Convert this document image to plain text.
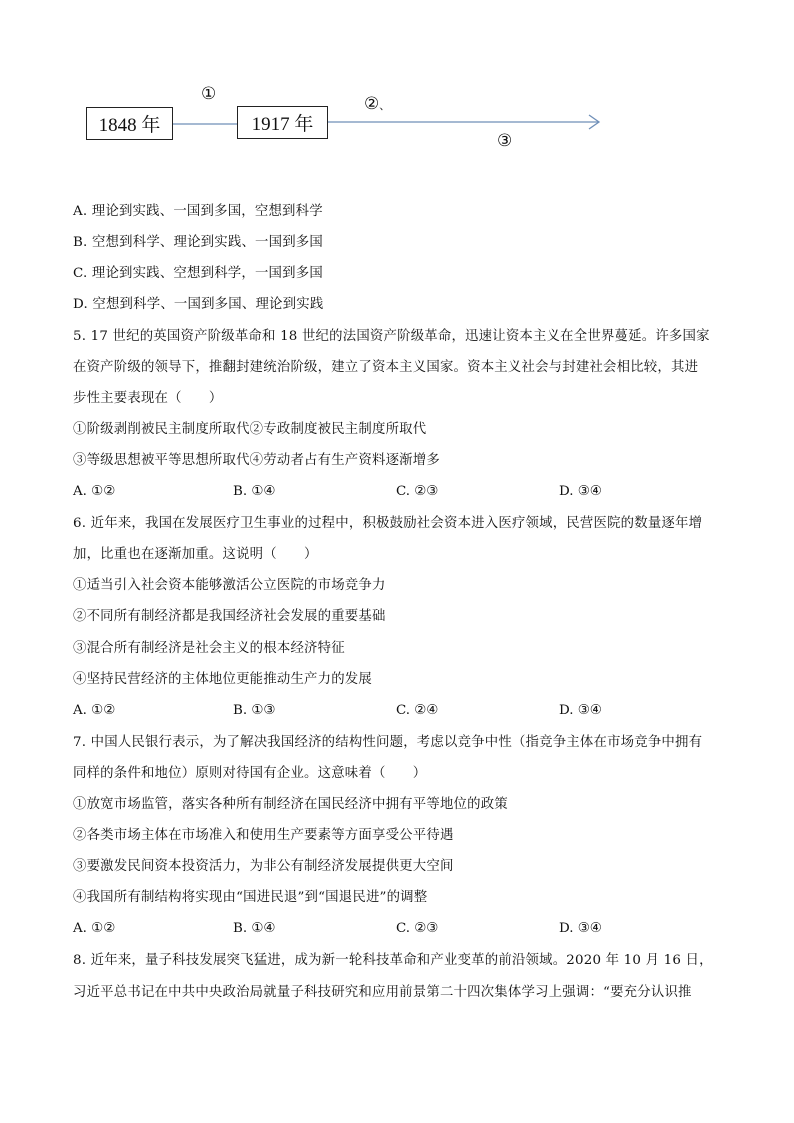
1848 年	1917 年
①	②、
③
A. 理论到实践、一国到多国，空想到科学
B. 空想到科学、理论到实践、一国到多国
C. 理论到实践、空想到科学，一国到多国
D. 空想到科学、一国到多国、理论到实践
5. 17 世纪的英国资产阶级革命和 18 世纪的法国资产阶级革命，迅速让资本主义在全世界蔓延。许多国家
在资产阶级的领导下，推翻封建统治阶级，建立了资本主义国家。资本主义社会与封建社会相比较，其进
步性主要表现在（　　）
①阶级剥削被民主制度所取代②专政制度被民主制度所取代
③等级思想被平等思想所取代④劳动者占有生产资料逐渐增多
A. ①②	B. ①④	C. ②③	D. ③④
6. 近年来，我国在发展医疗卫生事业的过程中，积极鼓励社会资本进入医疗领域，民营医院的数量逐年增
加，比重也在逐渐加重。这说明（　　）
①适当引入社会资本能够激活公立医院的市场竞争力
②不同所有制经济都是我国经济社会发展的重要基础
③混合所有制经济是社会主义的根本经济特征
④坚持民营经济的主体地位更能推动生产力的发展
A. ①②	B. ①③	C. ②④	D. ③④
7. 中国人民银行表示，为了解决我国经济的结构性问题，考虑以竞争中性（指竞争主体在市场竞争中拥有
同样的条件和地位）原则对待国有企业。这意味着（　　）
①放宽市场监管，落实各种所有制经济在国民经济中拥有平等地位的政策
②各类市场主体在市场准入和使用生产要素等方面享受公平待遇
③要激发民间资本投资活力，为非公有制经济发展提供更大空间
④我国所有制结构将实现由“国进民退”到“国退民进”的调整
A. ①②	B. ①④	C. ②③	D. ③④
8. 近年来，量子科技发展突飞猛进，成为新一轮科技革命和产业变革的前沿领域。2020 年 10 月 16 日，
习近平总书记在中共中央政治局就量子科技研究和应用前景第二十四次集体学习上强调：“要充分认识推
